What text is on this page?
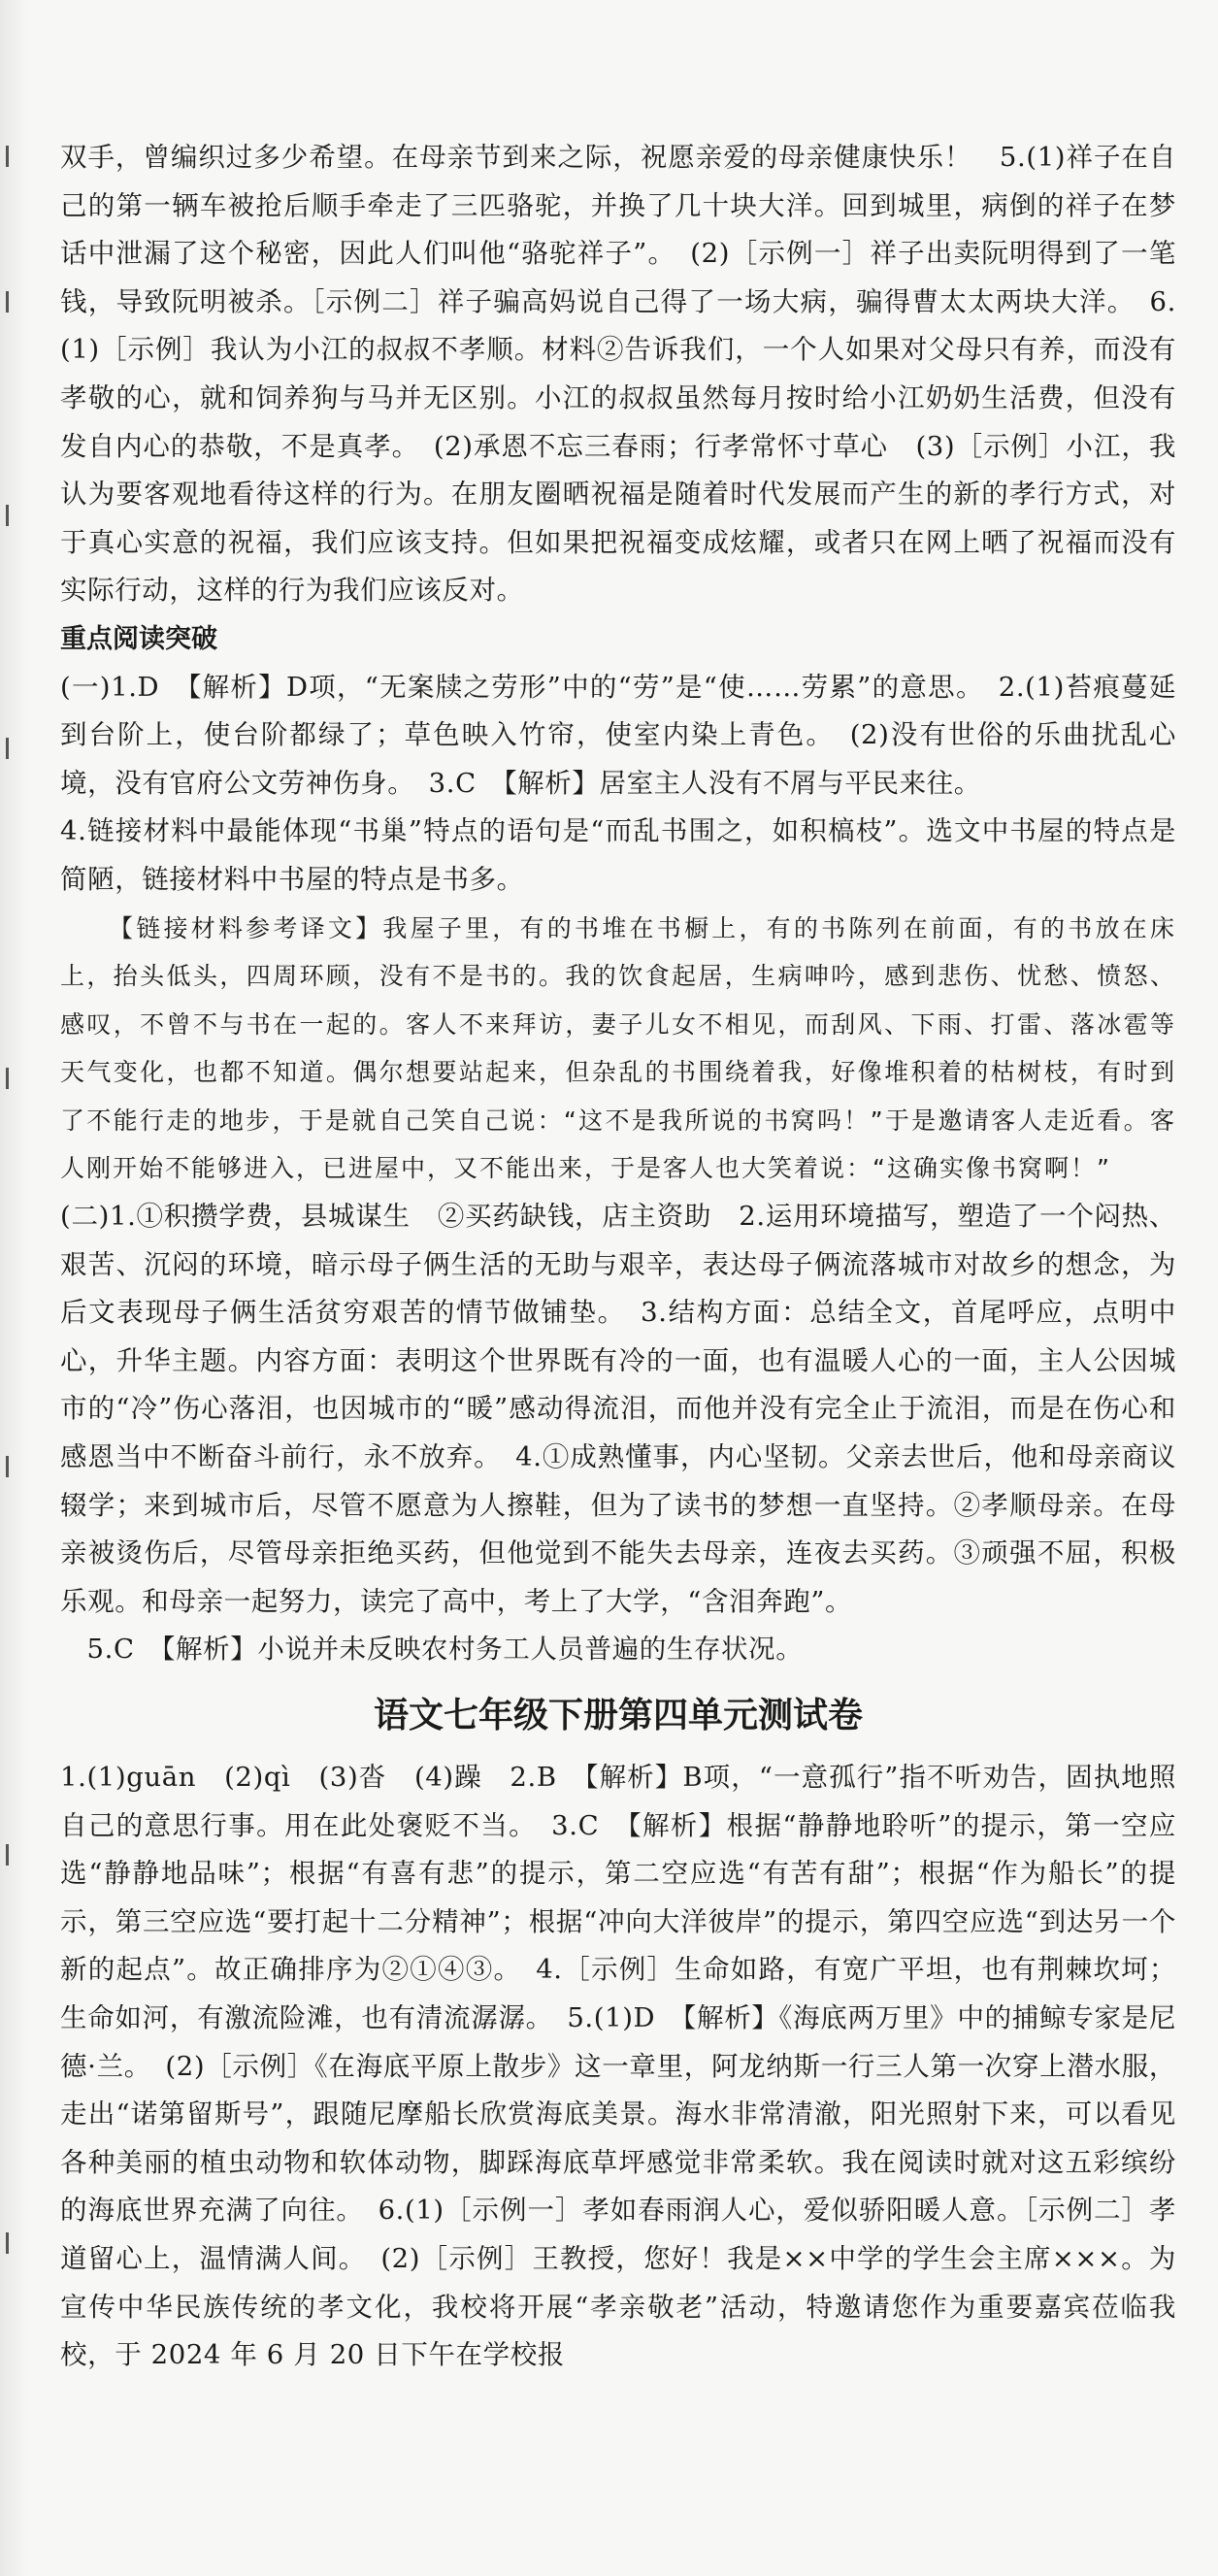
双手，曾编织过多少希望。在母亲节到来之际，祝愿亲爱的母亲健康快乐！　5.(1)祥子在自己的第一辆车被抢后顺手牵走了三匹骆驼，并换了几十块大洋。回到城里，病倒的祥子在梦话中泄漏了这个秘密，因此人们叫他“骆驼祥子”。　(2)［示例一］祥子出卖阮明得到了一笔钱，导致阮明被杀。［示例二］祥子骗高妈说自己得了一场大病，骗得曹太太两块大洋。　6.(1)［示例］我认为小江的叔叔不孝顺。材料②告诉我们，一个人如果对父母只有养，而没有孝敬的心，就和饲养狗与马并无区别。小江的叔叔虽然每月按时给小江奶奶生活费，但没有发自内心的恭敬，不是真孝。　(2)承恩不忘三春雨；行孝常怀寸草心　(3)［示例］小江，我认为要客观地看待这样的行为。在朋友圈晒祝福是随着时代发展而产生的新的孝行方式，对于真心实意的祝福，我们应该支持。但如果把祝福变成炫耀，或者只在网上晒了祝福而没有实际行动，这样的行为我们应该反对。

重点阅读突破

(一)1.D　【解析】D项，“无案牍之劳形”中的“劳”是“使……劳累”的意思。　2.(1)苔痕蔓延到台阶上，使台阶都绿了；草色映入竹帘，使室内染上青色。　(2)没有世俗的乐曲扰乱心境，没有官府公文劳神伤身。　3.C　【解析】居室主人没有不屑与平民来往。

4.链接材料中最能体现“书巢”特点的语句是“而乱书围之，如积槁枝”。选文中书屋的特点是简陋，链接材料中书屋的特点是书多。

【链接材料参考译文】我屋子里，有的书堆在书橱上，有的书陈列在前面，有的书放在床上，抬头低头，四周环顾，没有不是书的。我的饮食起居，生病呻吟，感到悲伤、忧愁、愤怒、感叹，不曾不与书在一起的。客人不来拜访，妻子儿女不相见，而刮风、下雨、打雷、落冰雹等天气变化，也都不知道。偶尔想要站起来，但杂乱的书围绕着我，好像堆积着的枯树枝，有时到了不能行走的地步，于是就自己笑自己说：“这不是我所说的书窝吗！”于是邀请客人走近看。客人刚开始不能够进入，已进屋中，又不能出来，于是客人也大笑着说：“这确实像书窝啊！”

(二)1.①积攒学费，县城谋生　②买药缺钱，店主资助　2.运用环境描写，塑造了一个闷热、艰苦、沉闷的环境，暗示母子俩生活的无助与艰辛，表达母子俩流落城市对故乡的想念，为后文表现母子俩生活贫穷艰苦的情节做铺垫。　3.结构方面：总结全文，首尾呼应，点明中心，升华主题。内容方面：表明这个世界既有冷的一面，也有温暖人心的一面，主人公因城市的“冷”伤心落泪，也因城市的“暖”感动得流泪，而他并没有完全止于流泪，而是在伤心和感恩当中不断奋斗前行，永不放弃。　4.①成熟懂事，内心坚韧。父亲去世后，他和母亲商议辍学；来到城市后，尽管不愿意为人擦鞋，但为了读书的梦想一直坚持。②孝顺母亲。在母亲被烫伤后，尽管母亲拒绝买药，但他觉到不能失去母亲，连夜去买药。③顽强不屈，积极乐观。和母亲一起努力，读完了高中，考上了大学，“含泪奔跑”。

5.C　【解析】小说并未反映农村务工人员普遍的生存状况。

语文七年级下册第四单元测试卷

1.(1)guān　(2)qì　(3)沓　(4)躁　2.B　【解析】B项，“一意孤行”指不听劝告，固执地照自己的意思行事。用在此处褒贬不当。　3.C　【解析】根据“静静地聆听”的提示，第一空应选“静静地品味”；根据“有喜有悲”的提示，第二空应选“有苦有甜”；根据“作为船长”的提示，第三空应选“要打起十二分精神”；根据“冲向大洋彼岸”的提示，第四空应选“到达另一个新的起点”。故正确排序为②①④③。　4.［示例］生命如路，有宽广平坦，也有荆棘坎坷；生命如河，有激流险滩，也有清流潺潺。　5.(1)D　【解析】《海底两万里》中的捕鲸专家是尼德·兰。　(2)［示例］《在海底平原上散步》这一章里，阿龙纳斯一行三人第一次穿上潜水服，走出“诺第留斯号”，跟随尼摩船长欣赏海底美景。海水非常清澈，阳光照射下来，可以看见各种美丽的植虫动物和软体动物，脚踩海底草坪感觉非常柔软。我在阅读时就对这五彩缤纷的海底世界充满了向往。　6.(1)［示例一］孝如春雨润人心，爱似骄阳暖人意。［示例二］孝道留心上，温情满人间。　(2)［示例］王教授，您好！我是××中学的学生会主席×××。为宣传中华民族传统的孝文化，我校将开展“孝亲敬老”活动，特邀请您作为重要嘉宾莅临我校，于 2024 年 6 月 20 日下午在学校报
